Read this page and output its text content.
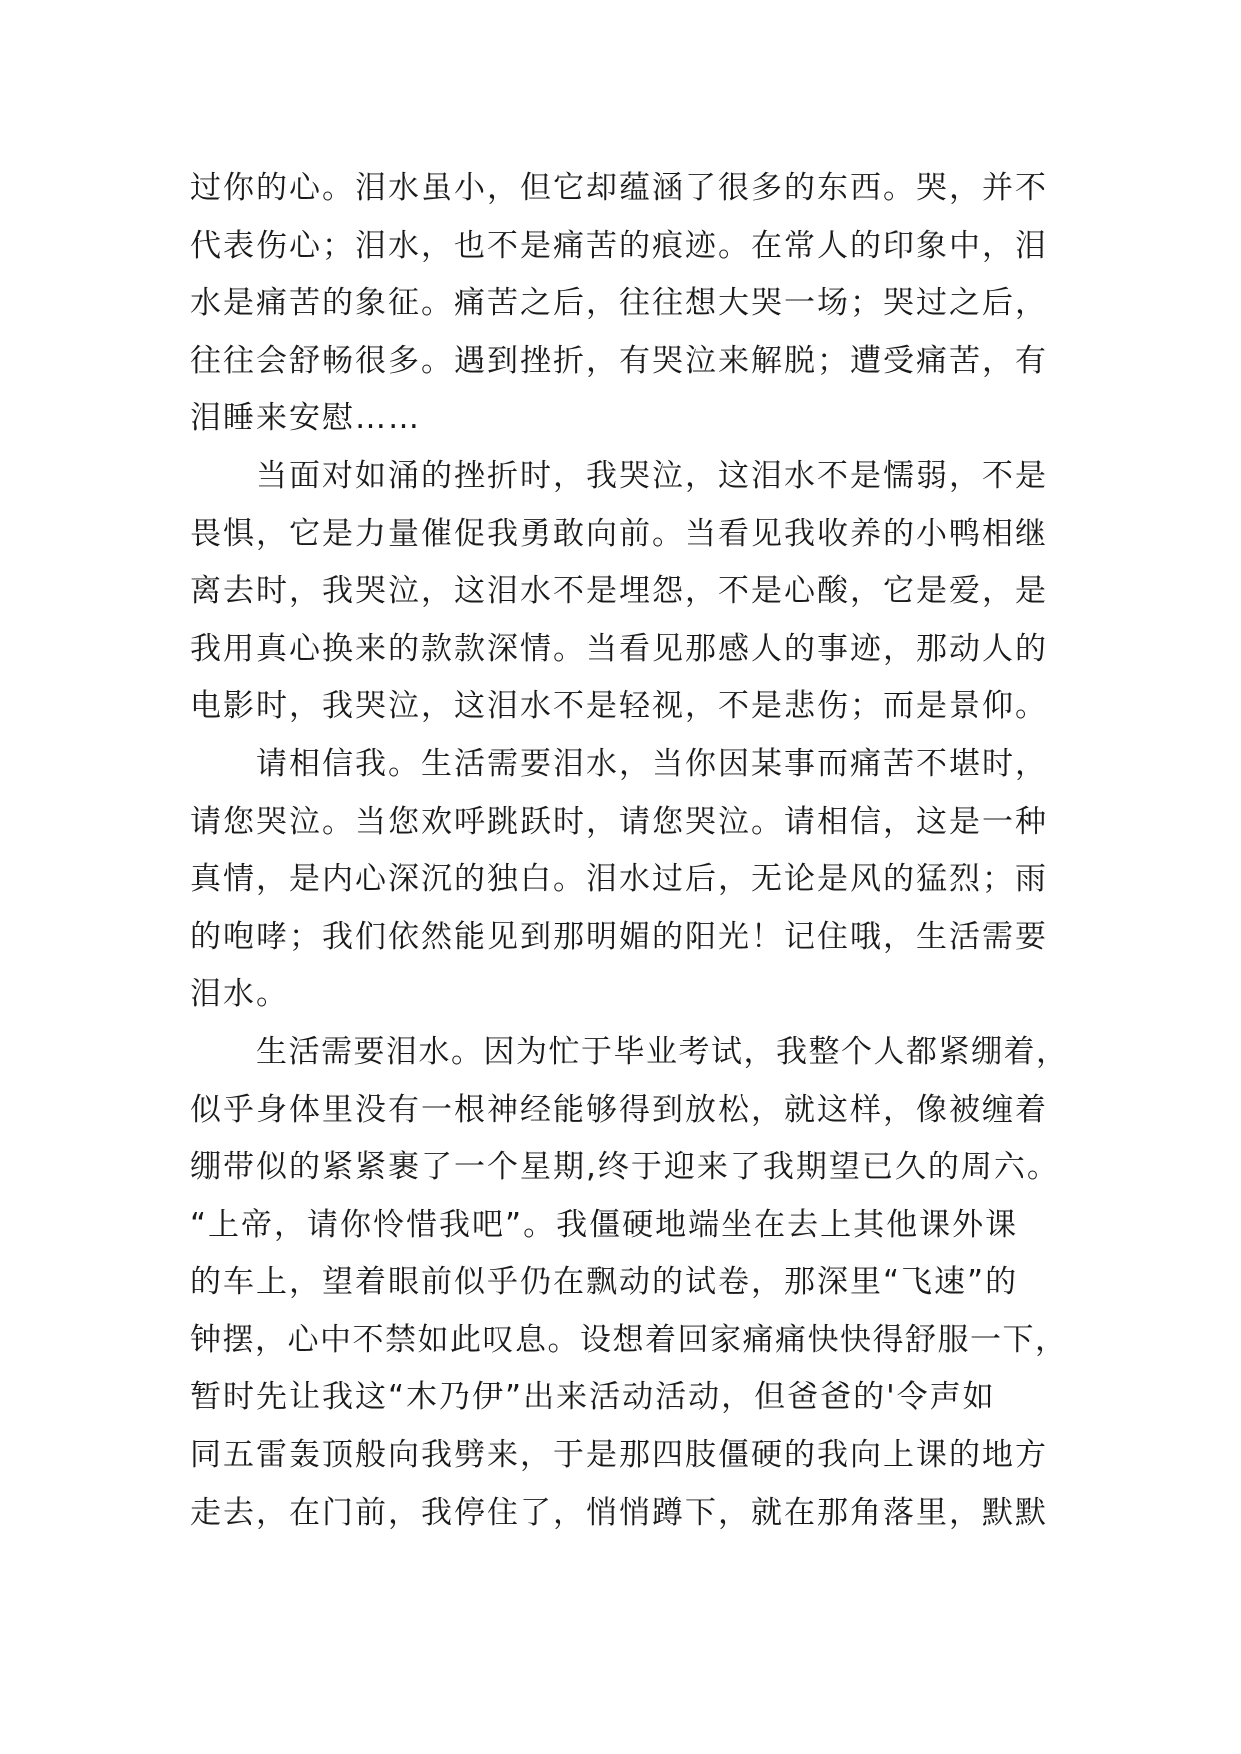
过你的心。泪水虽小，但它却蕴涵了很多的东西。哭，并不
代表伤心；泪水，也不是痛苦的痕迹。在常人的印象中，泪
水是痛苦的象征。痛苦之后，往往想大哭一场；哭过之后，
往往会舒畅很多。遇到挫折，有哭泣来解脱；遭受痛苦，有
泪睡来安慰……
当面对如涌的挫折时，我哭泣，这泪水不是懦弱，不是
畏惧，它是力量催促我勇敢向前。当看见我收养的小鸭相继
离去时，我哭泣，这泪水不是埋怨，不是心酸，它是爱，是
我用真心换来的款款深情。当看见那感人的事迹，那动人的
电影时，我哭泣，这泪水不是轻视，不是悲伤；而是景仰。
请相信我。生活需要泪水，当你因某事而痛苦不堪时，
请您哭泣。当您欢呼跳跃时，请您哭泣。请相信，这是一种
真情，是内心深沉的独白。泪水过后，无论是风的猛烈；雨
的咆哮；我们依然能见到那明媚的阳光！记住哦，生活需要
泪水。
生活需要泪水。因为忙于毕业考试，我整个人都紧绷着，
似乎身体里没有一根神经能够得到放松，就这样，像被缠着
绷带似的紧紧裹了一个星期,终于迎来了我期望已久的周六。
“上帝，请你怜惜我吧”。我僵硬地端坐在去上其他课外课
的车上，望着眼前似乎仍在飘动的试卷，那深里“飞速”的
钟摆，心中不禁如此叹息。设想着回家痛痛快快得舒服一下，
暂时先让我这“木乃伊”出来活动活动，但爸爸的'令声如
同五雷轰顶般向我劈来，于是那四肢僵硬的我向上课的地方
走去，在门前，我停住了，悄悄蹲下，就在那角落里，默默
